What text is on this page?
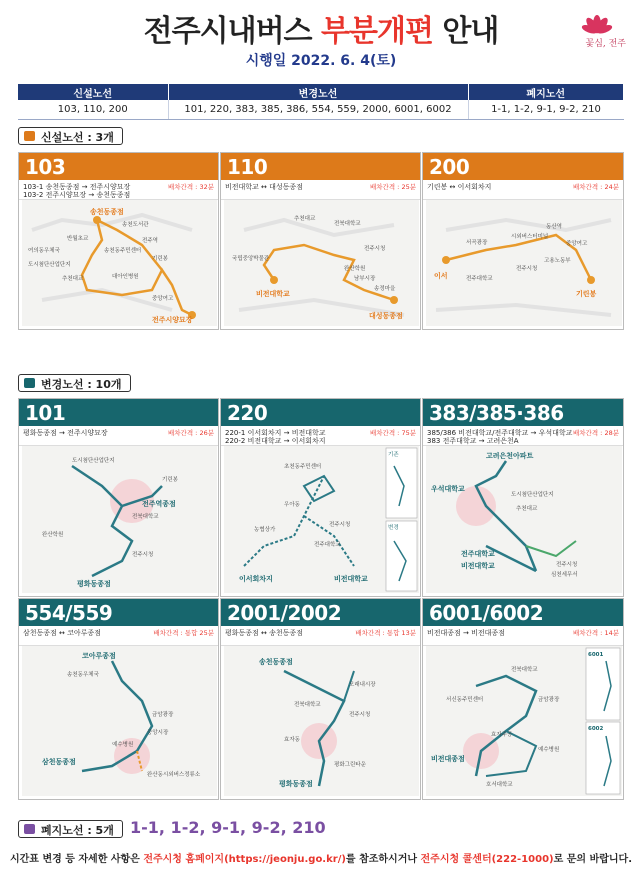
전주시내버스 부분개편 안내
시행일 2022. 6. 4(토)
꽃심, 전주
신설노선	변경노선	폐지노선
103, 110, 200	101, 220, 383, 385, 386, 554, 559, 2000, 6001, 6002	1-1, 1-2, 9-1, 9-2, 210
신설노선 : 3개
103
103-1 송천동종점 → 전주시양묘장
103-2 전주시양묘장 → 송천동종점
배차간격 : 32분
송천동종점
전주시양묘장
전주역
기린봉
대아인병원
추천대교
반월초교
여의동우체국
도시첨단산업단지
송천동주민센터
송천도서관
중앙여고
110
비전대학교 ↔ 대성동종점	배차간격 : 25분
비전대학교
대성동종점
전북대학교
전주시청
국립중앙박물관
추천대교
남부시장
완산학원
송정마을
200
기린봉 ↔ 이서회차지	배차간격 : 24분
기린봉
이서
서곡광장
시외버스터미널
동산역
전주대학교
고용노동부
전주시청
중앙여고
변경노선 : 10개
101
평화동종점 → 전주시양묘장	배차간격 : 26분
전주역종점
평화동종점
기린봉
전북대학교
도시첨단산업단지
전주시청
완산학원
220
220-1 이서회차지 → 비전대학교
220-2 비전대학교 → 이서회차지
배차간격 : 75분
이서회차지	비전대학교
초천동주민센터
전주시청
우아동
농협상가
전주대학교
기존
변경
383/385·386
385/386 비전대학교/전주대학교 → 우석대학교
383 전주대학교 → 고려은천A
배차간격 : 28분
고려은천아파트
우석대학교
전주대학교
비전대학교
도시첨단산업단지
추천대교
전주시청
심천세무서
554/559
삼천동종점 ↔ 코아루종점	배차간격 : 통합 25분
코아루종점
삼천동종점
송천동우체국
금암광장
중앙시장
예수병원
완산동시외버스정류소
2001/2002
평화동종점 ↔ 송천동종점	배차간격 : 통합 13분
송천동종점
평화동종점
전북대학교
전주시청
모래내시장
효자동
평화그린타운
6001/6002
비전대종점 → 비전대종점	배차간격 : 14분
비전대종점
전북대학교
서신동주민센터	금암광장
효자주공
예수병원
호서대학교
6001
6002
폐지노선 : 5개	1-1, 1-2, 9-1, 9-2, 210
시간표 변경 등 자세한 사항은 전주시청 홈페이지(https://jeonju.go.kr/)를 참조하시거나 전주시청 콜센터(222-1000)로 문의 바랍니다.
